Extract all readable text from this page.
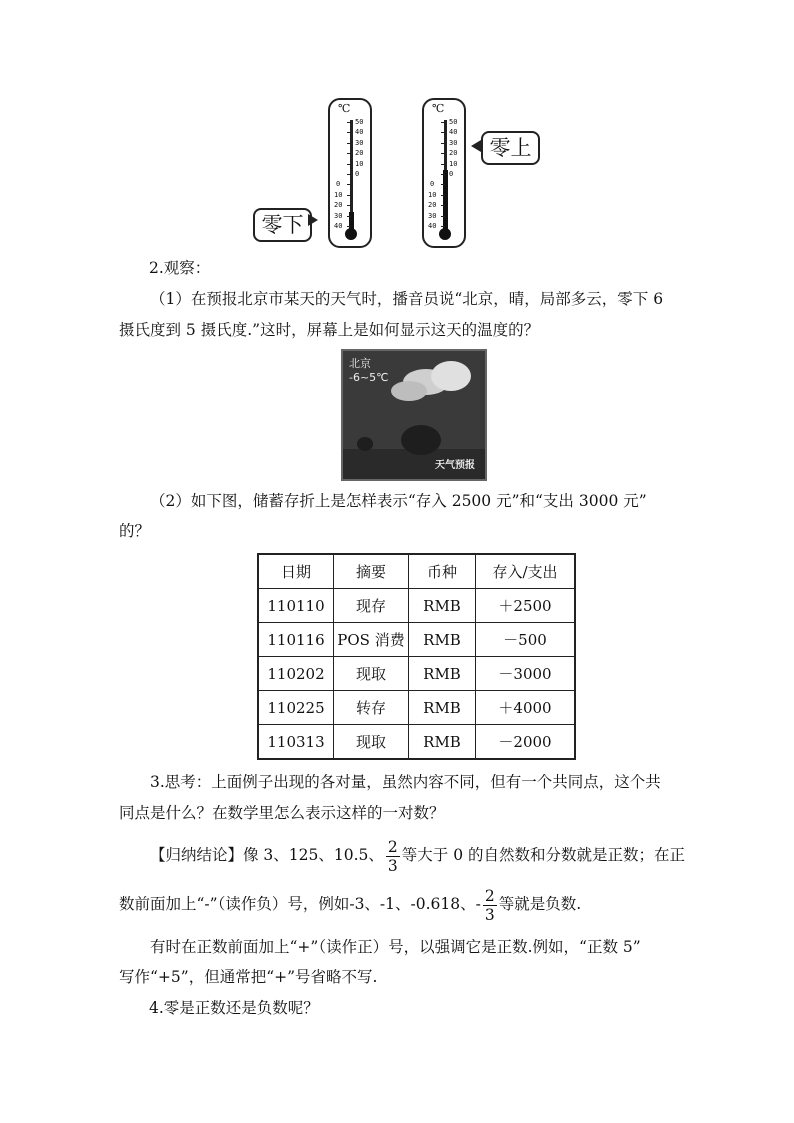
℃
50
40
30
20
10
0
0
10
20
30
40
℃
50
40
30
20
10
0
0
10
20
30
40
零下
零上
2.观察：
（1）在预报北京市某天的天气时，播音员说“北京，晴，局部多云，零下 6
摄氏度到 5 摄氏度.”这时，屏幕上是如何显示这天的温度的？
北京
-6~5℃
天气预报
（2）如下图，储蓄存折上是怎样表示“存入 2500 元”和“支出 3000 元”
的？
日期	摘要	币种	存入/支出
110110	现存	RMB	＋2500
110116	POS 消费	RMB	－500
110202	现取	RMB	－3000
110225	转存	RMB	＋4000
110313	现取	RMB	－2000
3.思考：上面例子出现的各对量，虽然内容不同，但有一个共同点，这个共
同点是什么？在数学里怎么表示这样的一对数？
【归纳结论】像 3、125、10.5、 $\frac{2}{3}$ 等大于 0 的自然数和分数就是正数；在正
数前面加上“-”（读作负）号，例如-3、-1、-0.618、- $\frac{2}{3}$ 等就是负数.
有时在正数前面加上“+”（读作正）号，以强调它是正数.例如，“正数 5”
写作“+5”，但通常把“+”号省略不写.
4.零是正数还是负数呢？
